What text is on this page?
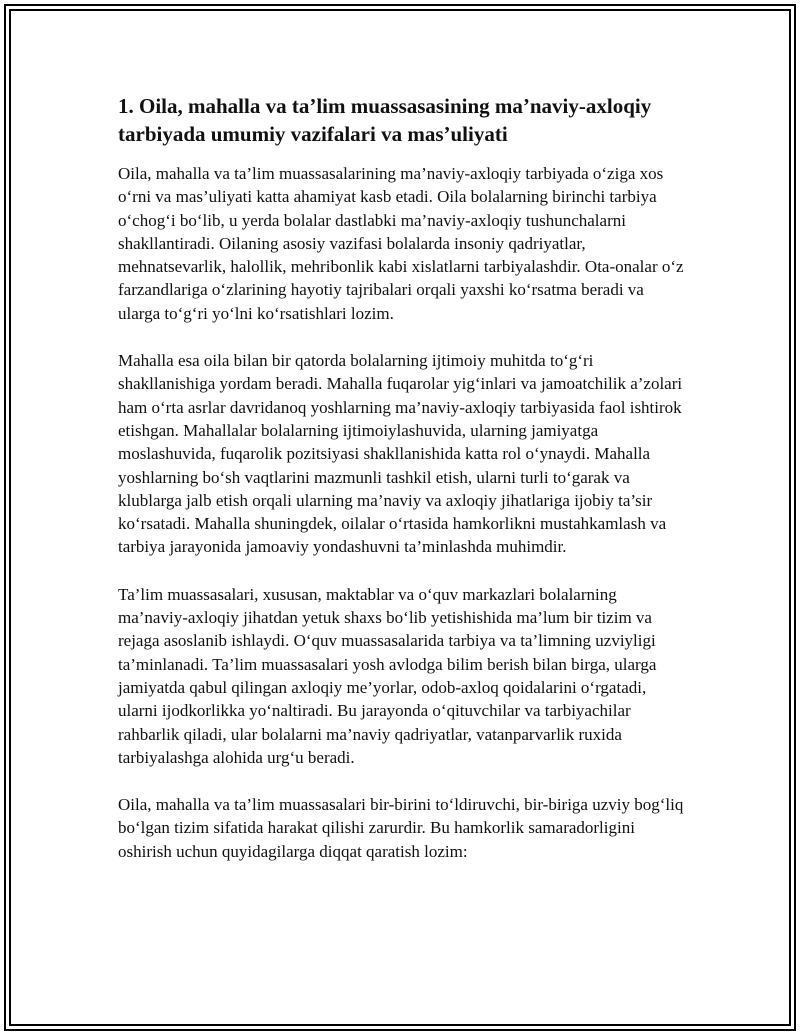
1. Oila, mahalla va ta’lim muassasasining ma’naviy-axloqiy tarbiyada umumiy vazifalari va mas’uliyati

Oila, mahalla va ta’lim muassasalarining ma’naviy-axloqiy tarbiyada o‘ziga xos o‘rni va mas’uliyati katta ahamiyat kasb etadi. Oila bolalarning birinchi tarbiya o‘chog‘i bo‘lib, u yerda bolalar dastlabki ma’naviy-axloqiy tushunchalarni shakllantiradi. Oilaning asosiy vazifasi bolalarda insoniy qadriyatlar, mehnatsevarlik, halollik, mehribonlik kabi xislatlarni tarbiyalashdir. Ota-onalar o‘z farzandlariga o‘zlarining hayotiy tajribalari orqali yaxshi ko‘rsatma beradi va ularga to‘g‘ri yo‘lni ko‘rsatishlari lozim.

Mahalla esa oila bilan bir qatorda bolalarning ijtimoiy muhitda to‘g‘ri shakllanishiga yordam beradi. Mahalla fuqarolar yig‘inlari va jamoatchilik a’zolari ham o‘rta asrlar davridanoq yoshlarning ma’naviy-axloqiy tarbiyasida faol ishtirok etishgan. Mahallalar bolalarning ijtimoiylashuvida, ularning jamiyatga moslashuvida, fuqarolik pozitsiyasi shakllanishida katta rol o‘ynaydi. Mahalla yoshlarning bo‘sh vaqtlarini mazmunli tashkil etish, ularni turli to‘garak va klublarga jalb etish orqali ularning ma’naviy va axloqiy jihatlariga ijobiy ta’sir ko‘rsatadi. Mahalla shuningdek, oilalar o‘rtasida hamkorlikni mustahkamlash va tarbiya jarayonida jamoaviy yondashuvni ta’minlashda muhimdir.

Ta’lim muassasalari, xususan, maktablar va o‘quv markazlari bolalarning ma’naviy-axloqiy jihatdan yetuk shaxs bo‘lib yetishishida ma’lum bir tizim va rejaga asoslanib ishlaydi. O‘quv muassasalarida tarbiya va ta’limning uzviyligi ta’minlanadi. Ta’lim muassasalari yosh avlodga bilim berish bilan birga, ularga jamiyatda qabul qilingan axloqiy me’yorlar, odob-axloq qoidalarini o‘rgatadi, ularni ijodkorlikka yo‘naltiradi. Bu jarayonda o‘qituvchilar va tarbiyachilar rahbarlik qiladi, ular bolalarni ma’naviy qadriyatlar, vatanparvarlik ruxida tarbiyalashga alohida urg‘u beradi.

Oila, mahalla va ta’lim muassasalari bir-birini to‘ldiruvchi, bir-biriga uzviy bog‘liq bo‘lgan tizim sifatida harakat qilishi zarurdir. Bu hamkorlik samaradorligini oshirish uchun quyidagilarga diqqat qaratish lozim:
